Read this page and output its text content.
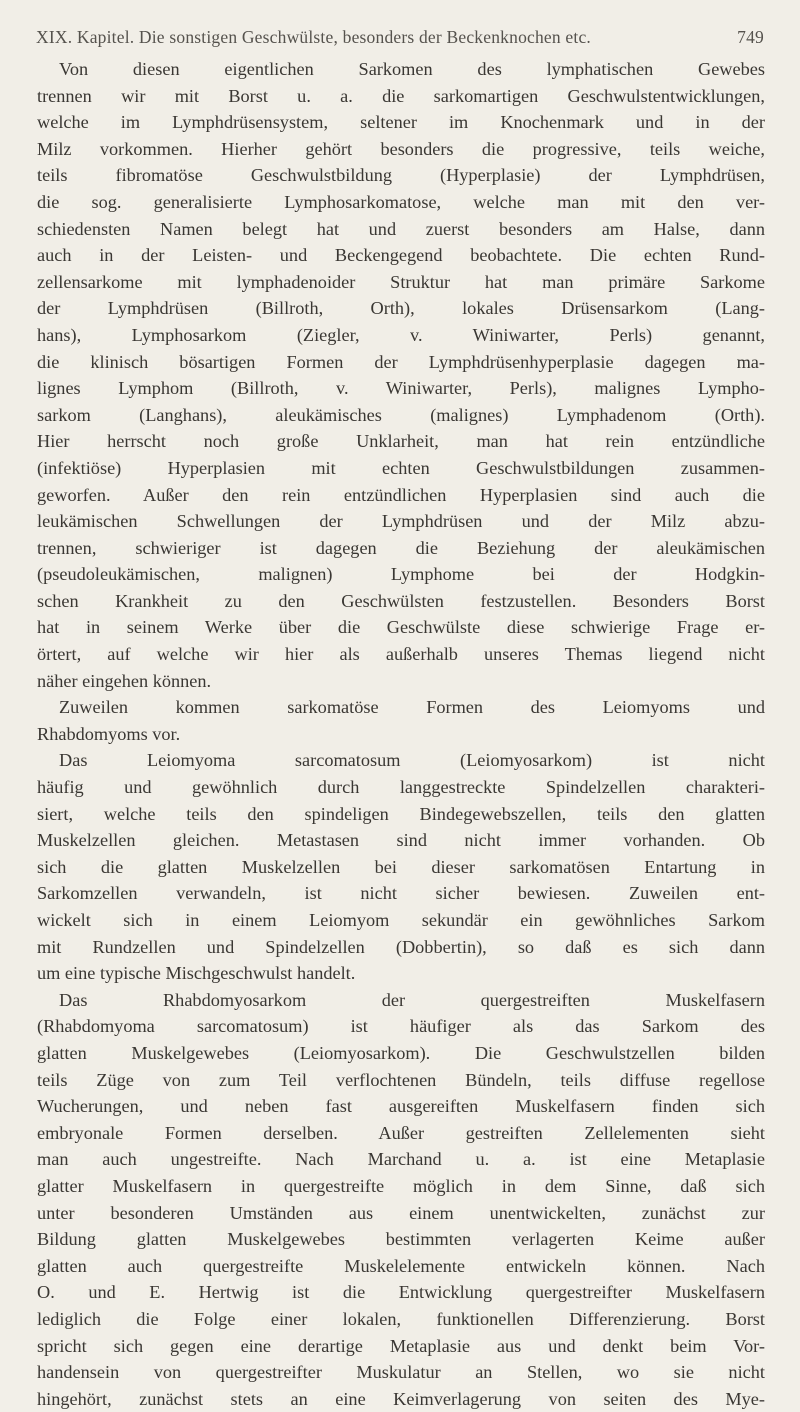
XIX. Kapitel. Die sonstigen Geschwülste, besonders der Beckenknochen etc.	749
Von diesen eigentlichen Sarkomen des lymphatischen Gewebes
trennen wir mit Borst u. a. die sarkomartigen Geschwulstentwicklungen,
welche im Lymphdrüsensystem, seltener im Knochenmark und in der
Milz vorkommen. Hierher gehört besonders die progressive, teils weiche,
teils fibromatöse Geschwulstbildung (Hyperplasie) der Lymphdrüsen,
die sog. generalisierte Lymphosarkomatose, welche man mit den ver-
schiedensten Namen belegt hat und zuerst besonders am Halse, dann
auch in der Leisten- und Beckengegend beobachtete. Die echten Rund-
zellensarkome mit lymphadenoider Struktur hat man primäre Sarkome
der Lymphdrüsen (Billroth, Orth), lokales Drüsensarkom (Lang-
hans), Lymphosarkom (Ziegler, v. Winiwarter, Perls) genannt,
die klinisch bösartigen Formen der Lymphdrüsenhyperplasie dagegen ma-
lignes Lymphom (Billroth, v. Winiwarter, Perls), malignes Lympho-
sarkom (Langhans), aleukämisches (malignes) Lymphadenom (Orth).
Hier herrscht noch große Unklarheit, man hat rein entzündliche
(infektiöse) Hyperplasien mit echten Geschwulstbildungen zusammen-
geworfen. Außer den rein entzündlichen Hyperplasien sind auch die
leukämischen Schwellungen der Lymphdrüsen und der Milz abzu-
trennen, schwieriger ist dagegen die Beziehung der aleukämischen
(pseudoleukämischen, malignen) Lymphome bei der Hodgkin-
schen Krankheit zu den Geschwülsten festzustellen. Besonders Borst
hat in seinem Werke über die Geschwülste diese schwierige Frage er-
örtert, auf welche wir hier als außerhalb unseres Themas liegend nicht
näher eingehen können.
Zuweilen kommen sarkomatöse Formen des Leiomyoms und
Rhabdomyoms vor.
Das Leiomyoma sarcomatosum (Leiomyosarkom) ist nicht
häufig und gewöhnlich durch langgestreckte Spindelzellen charakteri-
siert, welche teils den spindeligen Bindegewebszellen, teils den glatten
Muskelzellen gleichen. Metastasen sind nicht immer vorhanden. Ob
sich die glatten Muskelzellen bei dieser sarkomatösen Entartung in
Sarkomzellen verwandeln, ist nicht sicher bewiesen. Zuweilen ent-
wickelt sich in einem Leiomyom sekundär ein gewöhnliches Sarkom
mit Rundzellen und Spindelzellen (Dobbertin), so daß es sich dann
um eine typische Mischgeschwulst handelt.
Das Rhabdomyosarkom der quergestreiften Muskelfasern
(Rhabdomyoma sarcomatosum) ist häufiger als das Sarkom des
glatten Muskelgewebes (Leiomyosarkom). Die Geschwulstzellen bilden
teils Züge von zum Teil verflochtenen Bündeln, teils diffuse regellose
Wucherungen, und neben fast ausgereiften Muskelfasern finden sich
embryonale Formen derselben. Außer gestreiften Zellelementen sieht
man auch ungestreifte. Nach Marchand u. a. ist eine Metaplasie
glatter Muskelfasern in quergestreifte möglich in dem Sinne, daß sich
unter besonderen Umständen aus einem unentwickelten, zunächst zur
Bildung glatten Muskelgewebes bestimmten verlagerten Keime außer
glatten auch quergestreifte Muskelelemente entwickeln können. Nach
O. und E. Hertwig ist die Entwicklung quergestreifter Muskelfasern
lediglich die Folge einer lokalen, funktionellen Differenzierung. Borst
spricht sich gegen eine derartige Metaplasie aus und denkt beim Vor-
handensein von quergestreifter Muskulatur an Stellen, wo sie nicht
hingehört, zunächst stets an eine Keimverlagerung von seiten des Mye-
